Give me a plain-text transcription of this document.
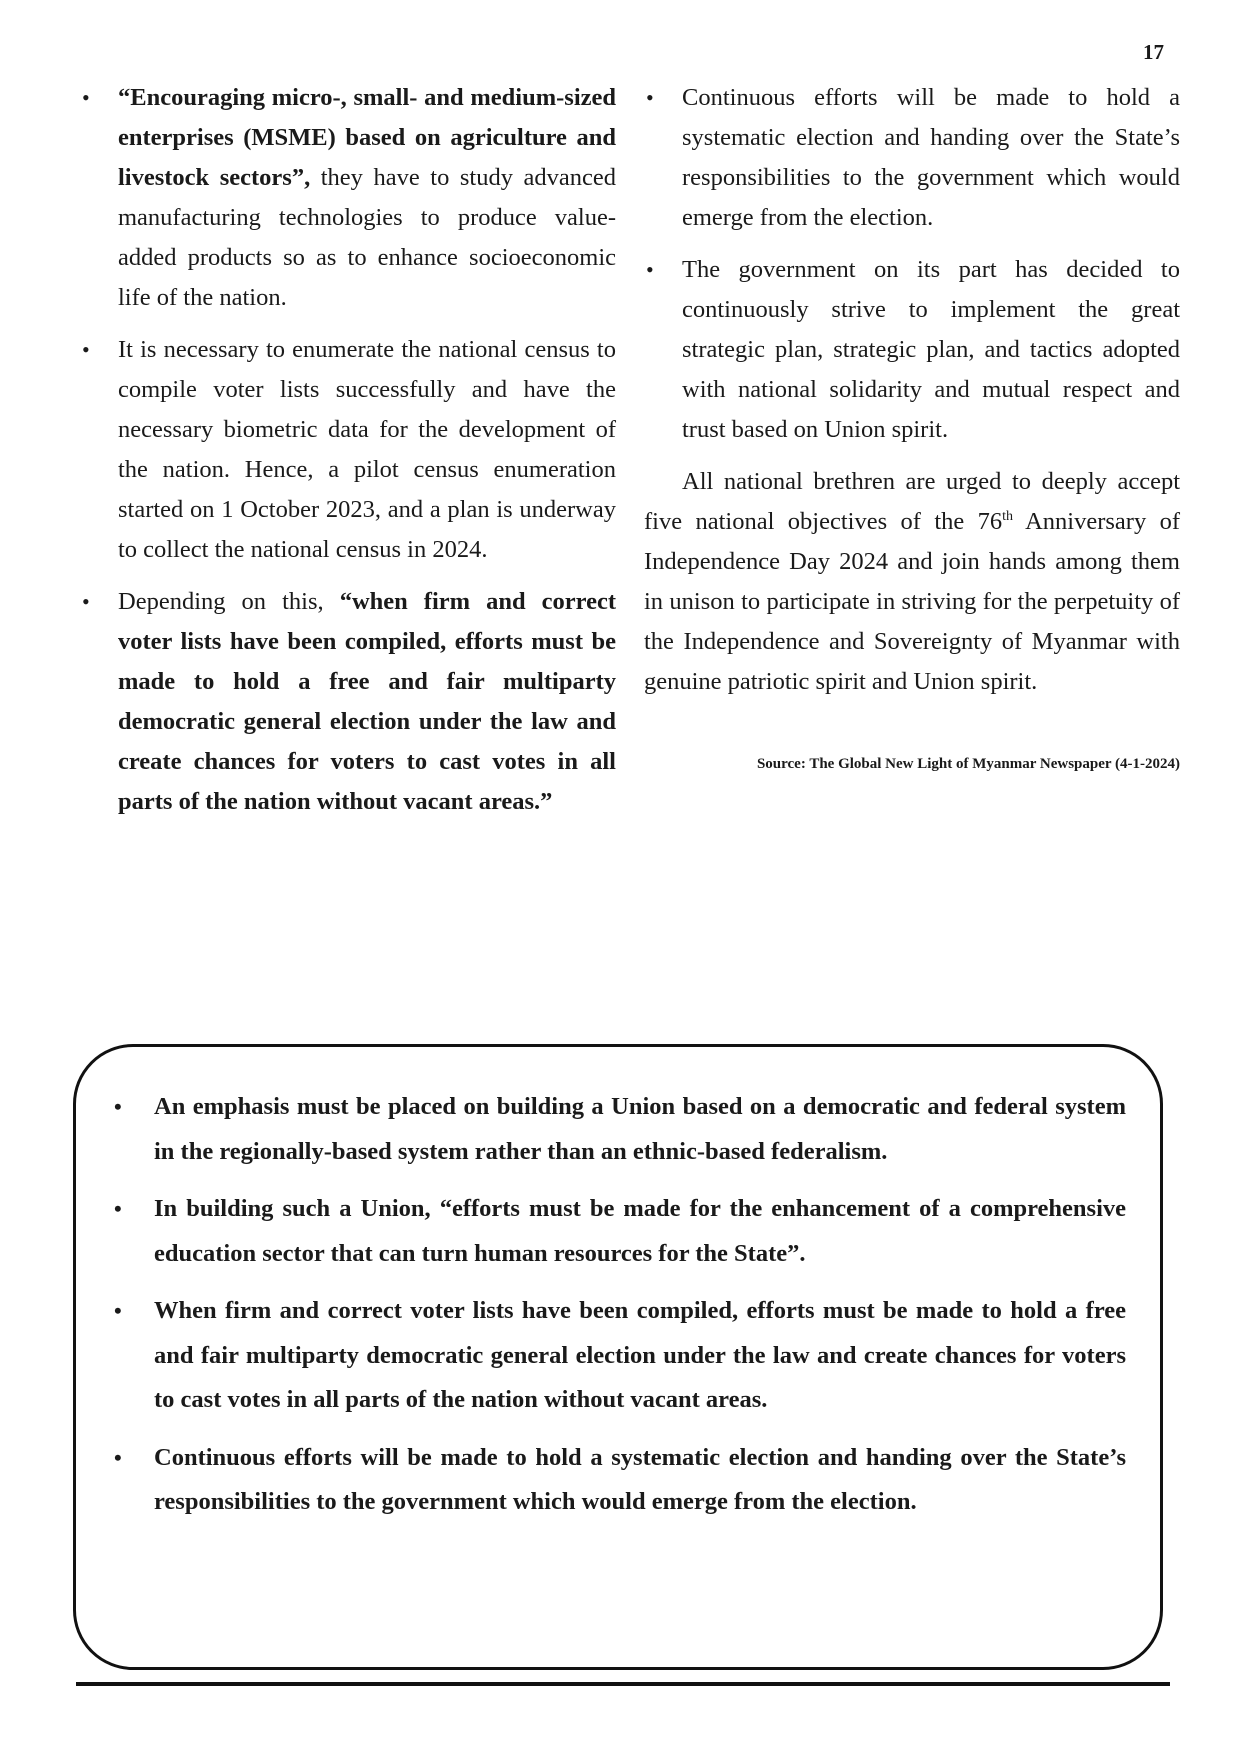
17
• “Encouraging micro-, small- and medium-sized enterprises (MSME) based on agriculture and livestock sectors”, they have to study advanced manufacturing technologies to produce value-added products so as to enhance socioeconomic life of the nation.
• It is necessary to enumerate the national census to compile voter lists successfully and have the necessary biometric data for the development of the nation. Hence, a pilot census enumeration started on 1 October 2023, and a plan is underway to collect the national census in 2024.
• Depending on this, “when firm and correct voter lists have been compiled, efforts must be made to hold a free and fair multiparty democratic general election under the law and create chances for voters to cast votes in all parts of the nation without vacant areas.”
• Continuous efforts will be made to hold a systematic election and handing over the State’s responsibilities to the government which would emerge from the election.
• The government on its part has decided to continuously strive to implement the great strategic plan, strategic plan, and tactics adopted with national solidarity and mutual respect and trust based on Union spirit.

All national brethren are urged to deeply accept five national objectives of the 76th Anniversary of Independence Day 2024 and join hands among them in unison to participate in striving for the perpetuity of the Independence and Sovereignty of Myanmar with genuine patriotic spirit and Union spirit.

Source: The Global New Light of Myanmar Newspaper (4-1-2024)
• An emphasis must be placed on building a Union based on a democratic and federal system in the regionally-based system rather than an ethnic-based federalism.
• In building such a Union, “efforts must be made for the enhancement of a comprehensive education sector that can turn human resources for the State”.
• When firm and correct voter lists have been compiled, efforts must be made to hold a free and fair multiparty democratic general election under the law and create chances for voters to cast votes in all parts of the nation without vacant areas.
• Continuous efforts will be made to hold a systematic election and handing over the State’s responsibilities to the government which would emerge from the election.
